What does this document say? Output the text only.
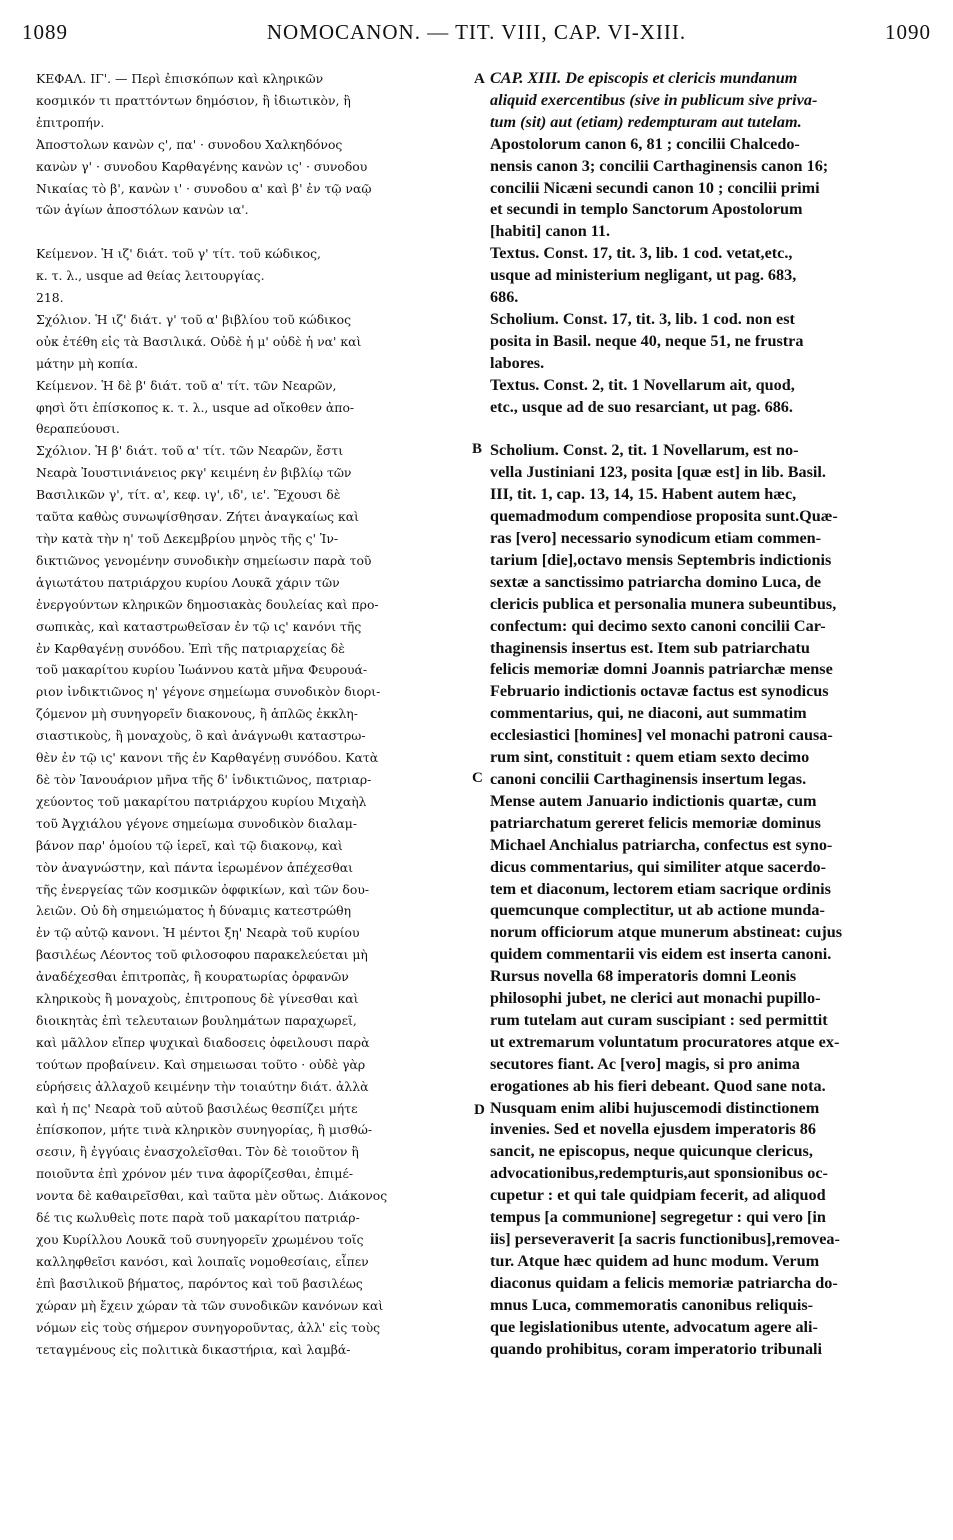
1089	NOMOCANON. — TIT. VIII, CAP. VI-XIII.	1090
ΚΕΦΑΛ. ΙΓ'. — Περὶ ἐπισκόπων καὶ κληρικῶν
κοσμικόν τι πραττόντων δημόσιον, ἢ ἰδιωτικὸν, ἢ
ἐπιτροπήν.
Ἀποστολων κανὼν ς', πα' · συνοδου Χαλκηδόνος
κανὼν γ' · συνοδου Καρθαγένης κανὼν ις' · συνοδου
Νικαίας τὸ β', κανὼν ι' · συνοδου α' καὶ β' ἐν τῷ ναῷ
τῶν ἁγίων ἀποστόλων κανὼν ια'.
Κείμενον. Ἡ ιζ' διάτ. τοῦ γ' τίτ. τοῦ κώδικος,
κ. τ. λ., usque ad θείας λειτουργίας.
218.
Σχόλιον. Ἡ ιζ' διάτ. γ' τοῦ α' βιβλίου τοῦ κώδικος
οὐκ ἐτέθη εἰς τὰ Βασιλικά. Οὐδὲ ἡ μ' οὐδὲ ἡ να' καὶ
μάτην μὴ κοπία.
Κείμενον. Ἡ δὲ β' διάτ. τοῦ α' τίτ. τῶν Νεαρῶν,
φησὶ ὅτι ἐπίσκοπος κ. τ. λ., usque ad οἴκοθεν ἀπο-
θεραπεύουσι.
Σχόλιον. Ἡ β' διάτ. τοῦ α' τίτ. τῶν Νεαρῶν, ἔστι
Νεαρὰ Ἰουστινιάνειος ρκγ' κειμένη ἐν βιβλίῳ τῶν
Βασιλικῶν γ', τίτ. α', κεφ. ιγ', ιδ', ιε'. Ἔχουσι δὲ
ταῦτα καθὼς συνωψίσθησαν. Ζήτει ἀναγκαίως καὶ
τὴν κατὰ τὴν η' τοῦ Δεκεμβρίου μηνὸς τῆς ς' Ἰν-
δικτιῶνος γενομένην συνοδικὴν σημείωσιν παρὰ τοῦ
ἁγιωτάτου πατριάρχου κυρίου Λουκᾶ χάριν τῶν
ἐνεργούντων κληρικῶν δημοσιακὰς δουλείας καὶ προ-
σωπικὰς, καὶ καταστρωθεῖσαν ἐν τῷ ις' κανόνι τῆς
ἐν Καρθαγένῃ συνόδου. Ἐπὶ τῆς πατριαρχείας δὲ
τοῦ μακαρίτου κυρίου Ἰωάννου κατὰ μῆνα Φευρουά-
ριον ἰνδικτιῶνος η' γέγονε σημείωμα συνοδικὸν διορι-
ζόμενον μὴ συνηγορεῖν διακονους, ἢ ἁπλῶς ἐκκλη-
σιαστικοὺς, ἢ μοναχοὺς, ὃ καὶ ἀνάγνωθι καταστρω-
θὲν ἐν τῷ ις' κανονι τῆς ἐν Καρθαγένῃ συνόδου. Κατὰ
δὲ τὸν Ἰανουάριον μῆνα τῆς δ' ἰνδικτιῶνος, πατριαρ-
χεύοντος τοῦ μακαρίτου πατριάρχου κυρίου Μιχαὴλ
τοῦ Ἀγχιάλου γέγονε σημείωμα συνοδικὸν διαλαμ-
βάνον παρ' ὁμοίου τῷ ἱερεῖ, καὶ τῷ διακονῳ, καὶ
τὸν ἀναγνώστην, καὶ πάντα ἱερωμένον ἀπέχεσθαι
τῆς ἐνεργείας τῶν κοσμικῶν ὀφφικίων, καὶ τῶν δου-
λειῶν. Οὐ δὴ σημειώματος ἡ δύναμις κατεστρώθη
ἐν τῷ αὐτῷ κανονι. Ἡ μέντοι ξη' Νεαρὰ τοῦ κυρίου
βασιλέως Λέοντος τοῦ φιλοσοφου παρακελεύεται μὴ
ἀναδέχεσθαι ἐπιτροπὰς, ἢ κουρατωρίας ὀρφανῶν
κληρικοὺς ἢ μοναχοὺς, ἐπιτροπους δὲ γίνεσθαι καὶ
διοικητὰς ἐπὶ τελευταιων βουλημάτων παραχωρεῖ,
καὶ μᾶλλον εἴπερ ψυχικαὶ διαδοσεις ὀφειλουσι παρὰ
τούτων προβαίνειν. Καὶ σημειωσαι τοῦτο · οὐδὲ γὰρ
εὑρήσεις ἀλλαχοῦ κειμένην τὴν τοιαύτην διάτ. ἀλλὰ
καὶ ἡ πς' Νεαρὰ τοῦ αὐτοῦ βασιλέως θεσπίζει μήτε
ἐπίσκοπον, μήτε τινὰ κληρικὸν συνηγορίας, ἢ μισθώ-
σεσιν, ἢ ἐγγύαις ἐνασχολεῖσθαι. Τὸν δὲ τοιοῦτον ἢ
ποιοῦντα ἐπὶ χρόνον μέν τινα ἀφορίζεσθαι, ἐπιμέ-
νοντα δὲ καθαιρεῖσθαι, καὶ ταῦτα μὲν οὕτως. Διάκονος
δέ τις κωλυθεὶς ποτε παρὰ τοῦ μακαρίτου πατριάρ-
χου Κυρίλλου Λουκᾶ τοῦ συνηγορεῖν χρωμένου τοῖς
καλληφθεῖσι κανόσι, καὶ λοιπαῖς νομοθεσίαις, εἶπεν
ἐπὶ βασιλικοῦ βήματος, παρόντος καὶ τοῦ βασιλέως
χώραν μὴ ἔχειν χώραν τὰ τῶν συνοδικῶν κανόνων καὶ
νόμων εἰς τοὺς σήμερον συνηγοροῦντας, ἀλλ' εἰς τοὺς
τεταγμένους εἰς πολιτικὰ δικαστήρια, καὶ λαμβά-
CAP. XIII. De episcopis et clericis mundanum
aliquid exercentibus (sive in publicum sive priva-
tum (sit) aut (etiam) redempturam aut tutelam.
Apostolorum canon 6, 81 ; concilii Chalcedo-
nensis canon 3; concilii Carthaginensis canon 16;
concilii Nicæni secundi canon 10 ; concilii primi
et secundi in templo Sanctorum Apostolorum
[habiti] canon 11.
Textus. Const. 17, tit. 3, lib. 1 cod. vetat,etc.,
usque ad ministerium negligant, ut pag. 683,
686.
Scholium. Const. 17, tit. 3, lib. 1 cod. non est
posita in Basil. neque 40, neque 51, ne frustra
labores.
Textus. Const. 2, tit. 1 Novellarum ait, quod,
etc., usque ad de suo resarciant, ut pag. 686.
Scholium. Const. 2, tit. 1 Novellarum, est no-
vella Justiniani 123, posita [quæ est] in lib. Basil.
III, tit. 1, cap. 13, 14, 15. Habent autem hæc,
quemadmodum compendiose proposita sunt.Quæ-
ras [vero] necessario synodicum etiam commen-
tarium [die],octavo mensis Septembris indictionis
sextæ a sanctissimo patriarcha domino Luca, de
clericis publica et personalia munera subeuntibus,
confectum: qui decimo sexto canoni concilii Car-
thaginensis insertus est. Item sub patriarchatu
felicis memoriæ domni Joannis patriarchæ mense
Februario indictionis octavæ factus est synodicus
commentarius, qui, ne diaconi, aut summatim
ecclesiastici [homines] vel monachi patroni causa-
rum sint, constituit : quem etiam sexto decimo
canoni concilii Carthaginensis insertum legas.
Mense autem Januario indictionis quartæ, cum
patriarchatum gereret felicis memoriæ dominus
Michael Anchialus patriarcha, confectus est syno-
dicus commentarius, qui similiter atque sacerdo-
tem et diaconum, lectorem etiam sacrique ordinis
quemcunque complectitur, ut ab actione munda-
norum officiorum atque munerum abstineat: cujus
quidem commentarii vis eidem est inserta canoni.
Rursus novella 68 imperatoris domni Leonis
philosophi jubet, ne clerici aut monachi pupillo-
rum tutelam aut curam suscipiant : sed permittit
ut extremarum voluntatum procuratores atque ex-
secutores fiant. Ac [vero] magis, si pro anima
erogationes ab his fieri debeant. Quod sane nota.
Nusquam enim alibi hujuscemodi distinctionem
invenies. Sed et novella ejusdem imperatoris 86
sancit, ne episcopus, neque quicunque clericus,
advocationibus,redempturis,aut sponsionibus oc-
cupetur : et qui tale quidpiam fecerit, ad aliquod
tempus [a communione] segregetur : qui vero [in
iis] perseveraverit [a sacris functionibus],removea-
tur. Atque hæc quidem ad hunc modum. Verum
diaconus quidam a felicis memoriæ patriarcha do-
mnus Luca, commemoratis canonibus reliquis-
que legislationibus utente, advocatum agere ali-
quando prohibitus, coram imperatorio tribunali
A
B
C
D
